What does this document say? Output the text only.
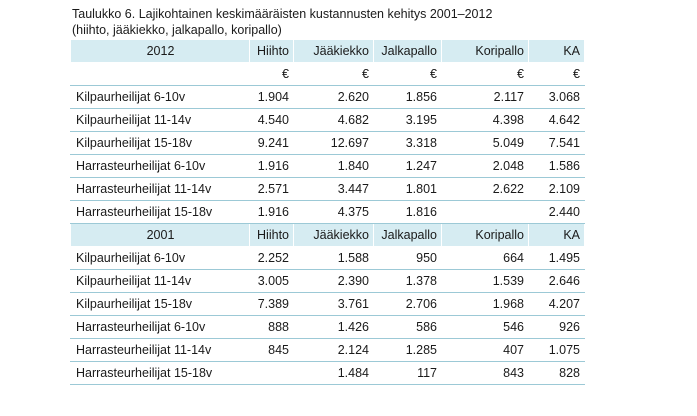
Taulukko 6. Lajikohtainen keskimääräisten kustannusten kehitys 2001–2012
(hiihto, jääkiekko, jalkapallo, koripallo)
2012	Hiihto	Jääkiekko	Jalkapallo	Koripallo	KA
	€	€	€	€	€
Kilpaurheilijat 6-10v	1.904	2.620	1.856	2.117	3.068
Kilpaurheilijat 11-14v	4.540	4.682	3.195	4.398	4.642
Kilpaurheilijat 15-18v	9.241	12.697	3.318	5.049	7.541
Harrasteurheilijat 6-10v	1.916	1.840	1.247	2.048	1.586
Harrasteurheilijat 11-14v	2.571	3.447	1.801	2.622	2.109
Harrasteurheilijat 15-18v	1.916	4.375	1.816		2.440
2001	Hiihto	Jääkiekko	Jalkapallo	Koripallo	KA
Kilpaurheilijat 6-10v	2.252	1.588	950	664	1.495
Kilpaurheilijat 11-14v	3.005	2.390	1.378	1.539	2.646
Kilpaurheilijat 15-18v	7.389	3.761	2.706	1.968	4.207
Harrasteurheilijat 6-10v	888	1.426	586	546	926
Harrasteurheilijat 11-14v	845	2.124	1.285	407	1.075
Harrasteurheilijat 15-18v		1.484	117	843	828
